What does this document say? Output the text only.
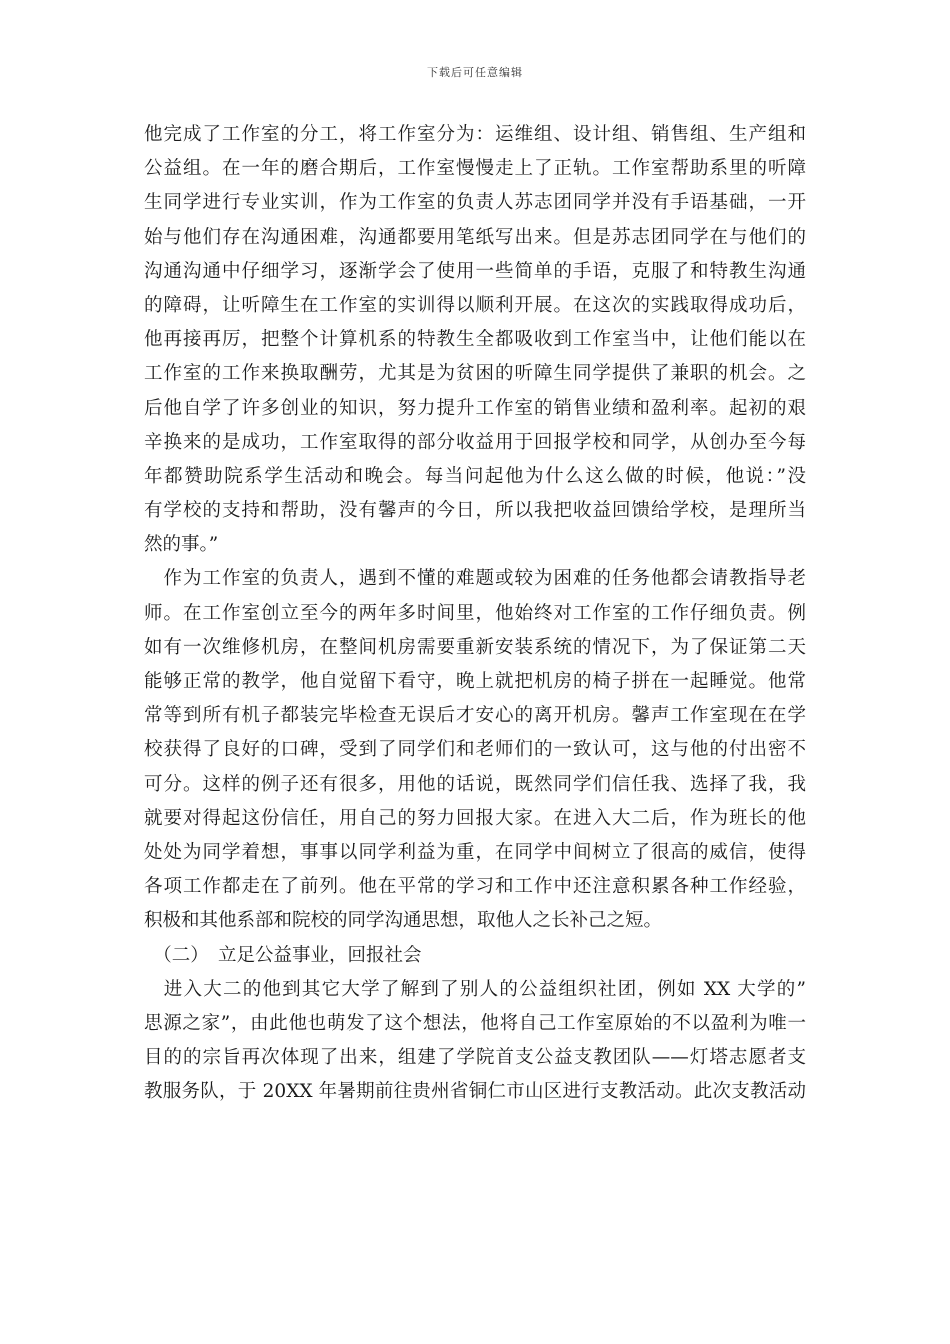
下载后可任意编辑
他完成了工作室的分工，将工作室分为：运维组、设计组、销售组、生产组和
公益组。在一年的磨合期后，工作室慢慢走上了正轨。工作室帮助系里的听障
生同学进行专业实训，作为工作室的负责人苏志团同学并没有手语基础，一开
始与他们存在沟通困难，沟通都要用笔纸写出来。但是苏志团同学在与他们的
沟通沟通中仔细学习，逐渐学会了使用一些简单的手语，克服了和特教生沟通
的障碍，让听障生在工作室的实训得以顺利开展。在这次的实践取得成功后，
他再接再厉，把整个计算机系的特教生全都吸收到工作室当中，让他们能以在
工作室的工作来换取酬劳，尤其是为贫困的听障生同学提供了兼职的机会。之
后他自学了许多创业的知识，努力提升工作室的销售业绩和盈利率。起初的艰
辛换来的是成功，工作室取得的部分收益用于回报学校和同学，从创办至今每
年都赞助院系学生活动和晚会。每当问起他为什么这么做的时候，他说：”没
有学校的支持和帮助，没有馨声的今日，所以我把收益回馈给学校，是理所当
然的事。”
　作为工作室的负责人，遇到不懂的难题或较为困难的任务他都会请教指导老
师。在工作室创立至今的两年多时间里，他始终对工作室的工作仔细负责。例
如有一次维修机房，在整间机房需要重新安装系统的情况下，为了保证第二天
能够正常的教学，他自觉留下看守，晚上就把机房的椅子拼在一起睡觉。他常
常等到所有机子都装完毕检查无误后才安心的离开机房。馨声工作室现在在学
校获得了良好的口碑，受到了同学们和老师们的一致认可，这与他的付出密不
可分。这样的例子还有很多，用他的话说，既然同学们信任我、选择了我，我
就要对得起这份信任，用自己的努力回报大家。在进入大二后，作为班长的他
处处为同学着想，事事以同学利益为重，在同学中间树立了很高的威信，使得
各项工作都走在了前列。他在平常的学习和工作中还注意积累各种工作经验，
积极和其他系部和院校的同学沟通思想，取他人之长补己之短。
　（二）　立足公益事业，回报社会
　进入大二的他到其它大学了解到了别人的公益组织社团，例如 XX 大学的”
思源之家”，由此他也萌发了这个想法，他将自己工作室原始的不以盈利为唯一
目的的宗旨再次体现了出来，组建了学院首支公益支教团队——灯塔志愿者支
教服务队，于 20XX 年暑期前往贵州省铜仁市山区进行支教活动。此次支教活动
